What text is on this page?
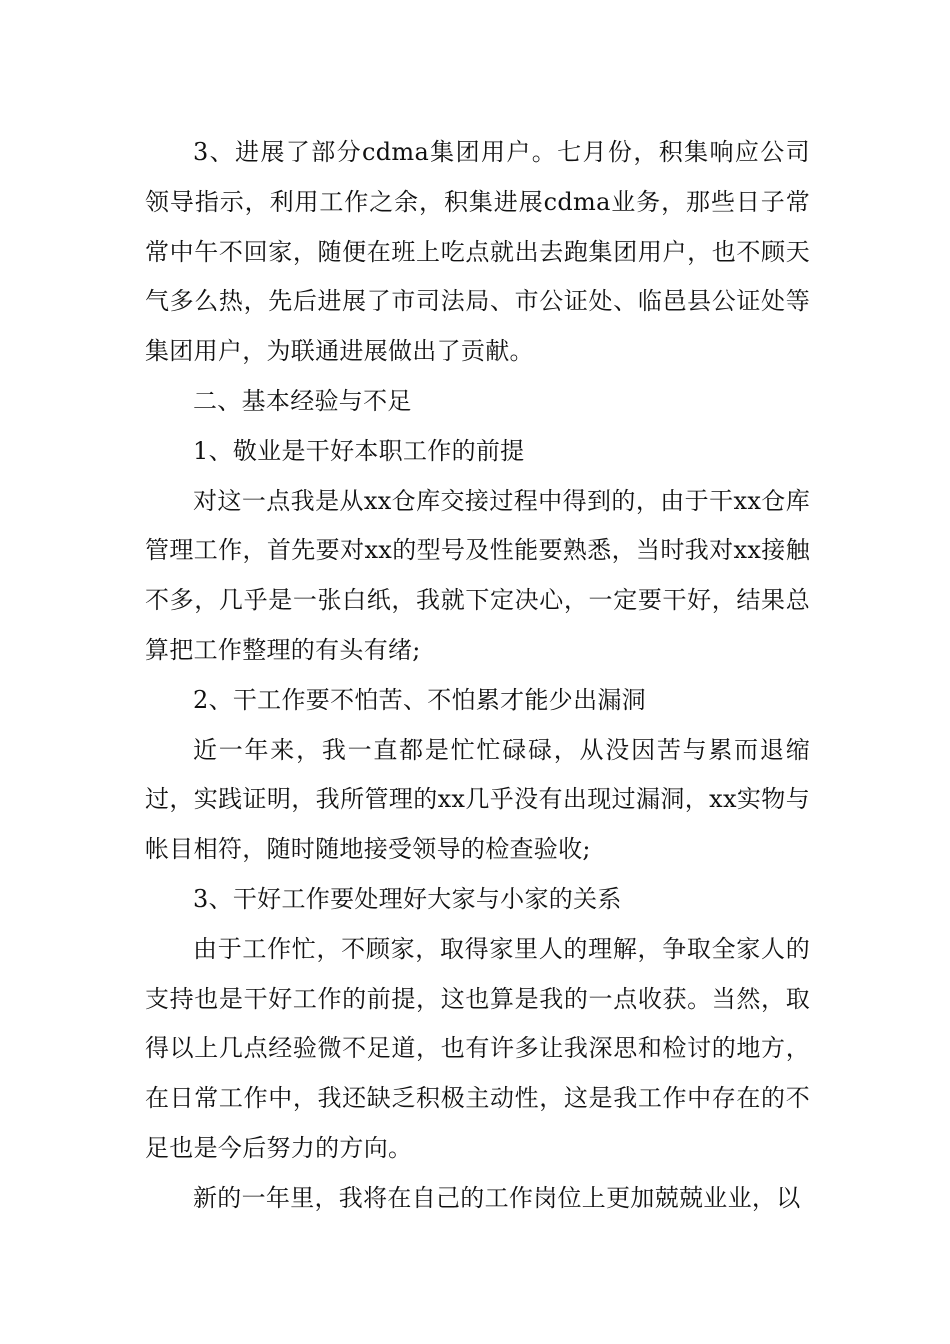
3、进展了部分cdma集团用户。七月份，积集响应公司领导指示，利用工作之余，积集进展cdma业务，那些日子常常中午不回家，随便在班上吃点就出去跑集团用户，也不顾天气多么热，先后进展了市司法局、市公证处、临邑县公证处等集团用户，为联通进展做出了贡献。

二、基本经验与不足

1、敬业是干好本职工作的前提

对这一点我是从xx仓库交接过程中得到的，由于干xx仓库管理工作，首先要对xx的型号及性能要熟悉，当时我对xx接触不多，几乎是一张白纸，我就下定决心，一定要干好，结果总算把工作整理的有头有绪;

2、干工作要不怕苦、不怕累才能少出漏洞

近一年来，我一直都是忙忙碌碌，从没因苦与累而退缩过，实践证明，我所管理的xx几乎没有出现过漏洞，xx实物与帐目相符，随时随地接受领导的检查验收;

3、干好工作要处理好大家与小家的关系

由于工作忙，不顾家，取得家里人的理解，争取全家人的支持也是干好工作的前提，这也算是我的一点收获。当然，取得以上几点经验微不足道，也有许多让我深思和检讨的地方，在日常工作中，我还缺乏积极主动性，这是我工作中存在的不足也是今后努力的方向。

新的一年里，我将在自己的工作岗位上更加兢兢业业，以
